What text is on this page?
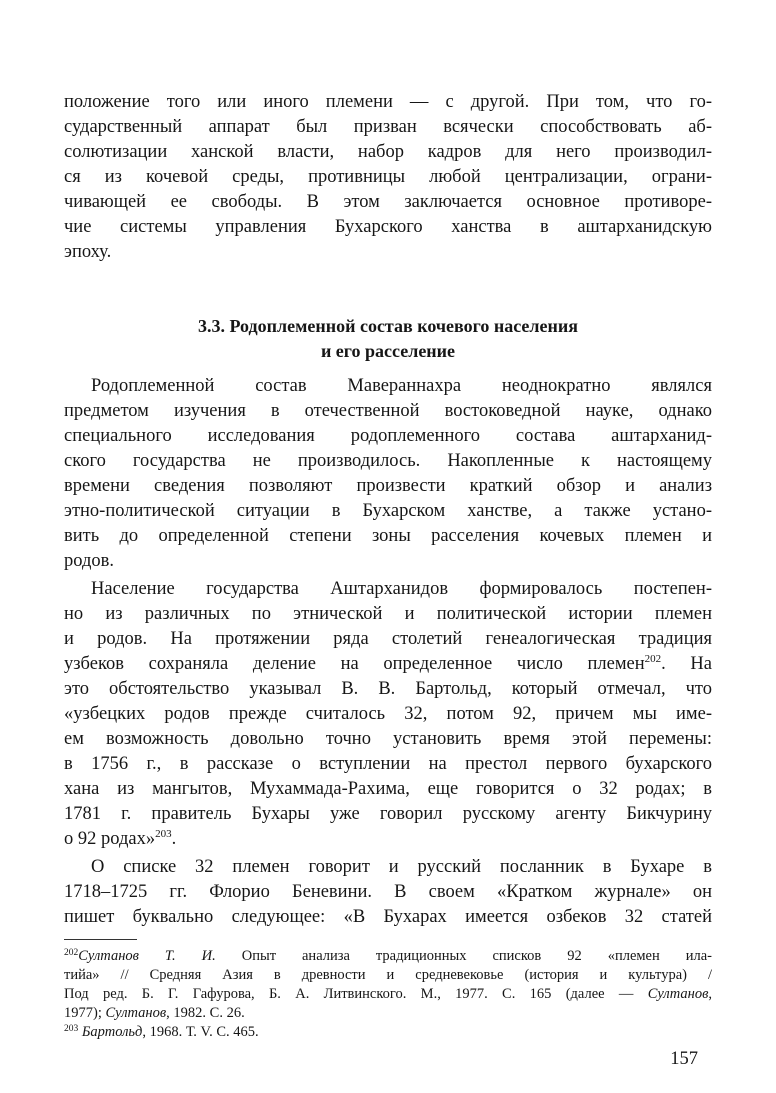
положение того или иного племени — с другой. При том, что го-
сударственный аппарат был призван всячески способствовать аб-
солютизации ханской власти, набор кадров для него производил-
ся из кочевой среды, противницы любой централизации, ограни-
чивающей ее свободы. В этом заключается основное противоре-
чие системы управления Бухарского ханства в аштарханидскую
эпоху.
3.3. Родоплеменной состав кочевого населения
и его расселение
Родоплеменной состав Мавераннахра неоднократно являлся
предметом изучения в отечественной востоковедной науке, однако
специального исследования родоплеменного состава аштарханид-
ского государства не производилось. Накопленные к настоящему
времени сведения позволяют произвести краткий обзор и анализ
этно-политической ситуации в Бухарском ханстве, а также устано-
вить до определенной степени зоны расселения кочевых племен и
родов.
Население государства Аштарханидов формировалось постепен-
но из различных по этнической и политической истории племен
и родов. На протяжении ряда столетий генеалогическая традиция
узбеков сохраняла деление на определенное число племен$^{202}$. На
это обстоятельство указывал В. В. Бартольд, который отмечал, что
«узбецких родов прежде считалось 32, потом 92, причем мы име-
ем возможность довольно точно установить время этой перемены:
в 1756 г., в рассказе о вступлении на престол первого бухарского
хана из мангытов, Мухаммада-Рахима, еще говорится о 32 родах; в
1781 г. правитель Бухары уже говорил русскому агенту Бикчурину
о 92 родах»$^{203}$.
О списке 32 племен говорит и русский посланник в Бухаре в
1718–1725 гг. Флорио Беневини. В своем «Кратком журнале» он
пишет буквально следующее: «В Бухарах имеется озбеков 32 статей
$^{202}$Султанов Т. И. Опыт анализа традиционных списков 92 «племен ила-
тийа» // Средняя Азия в древности и средневековье (история и культура) /
Под ред. Б. Г. Гафурова, Б. А. Литвинского. М., 1977. С. 165 (далее — Султанов,
1977); Султанов, 1982. С. 26.
$^{203}$ Бартольд, 1968. Т. V. С. 465.
157
